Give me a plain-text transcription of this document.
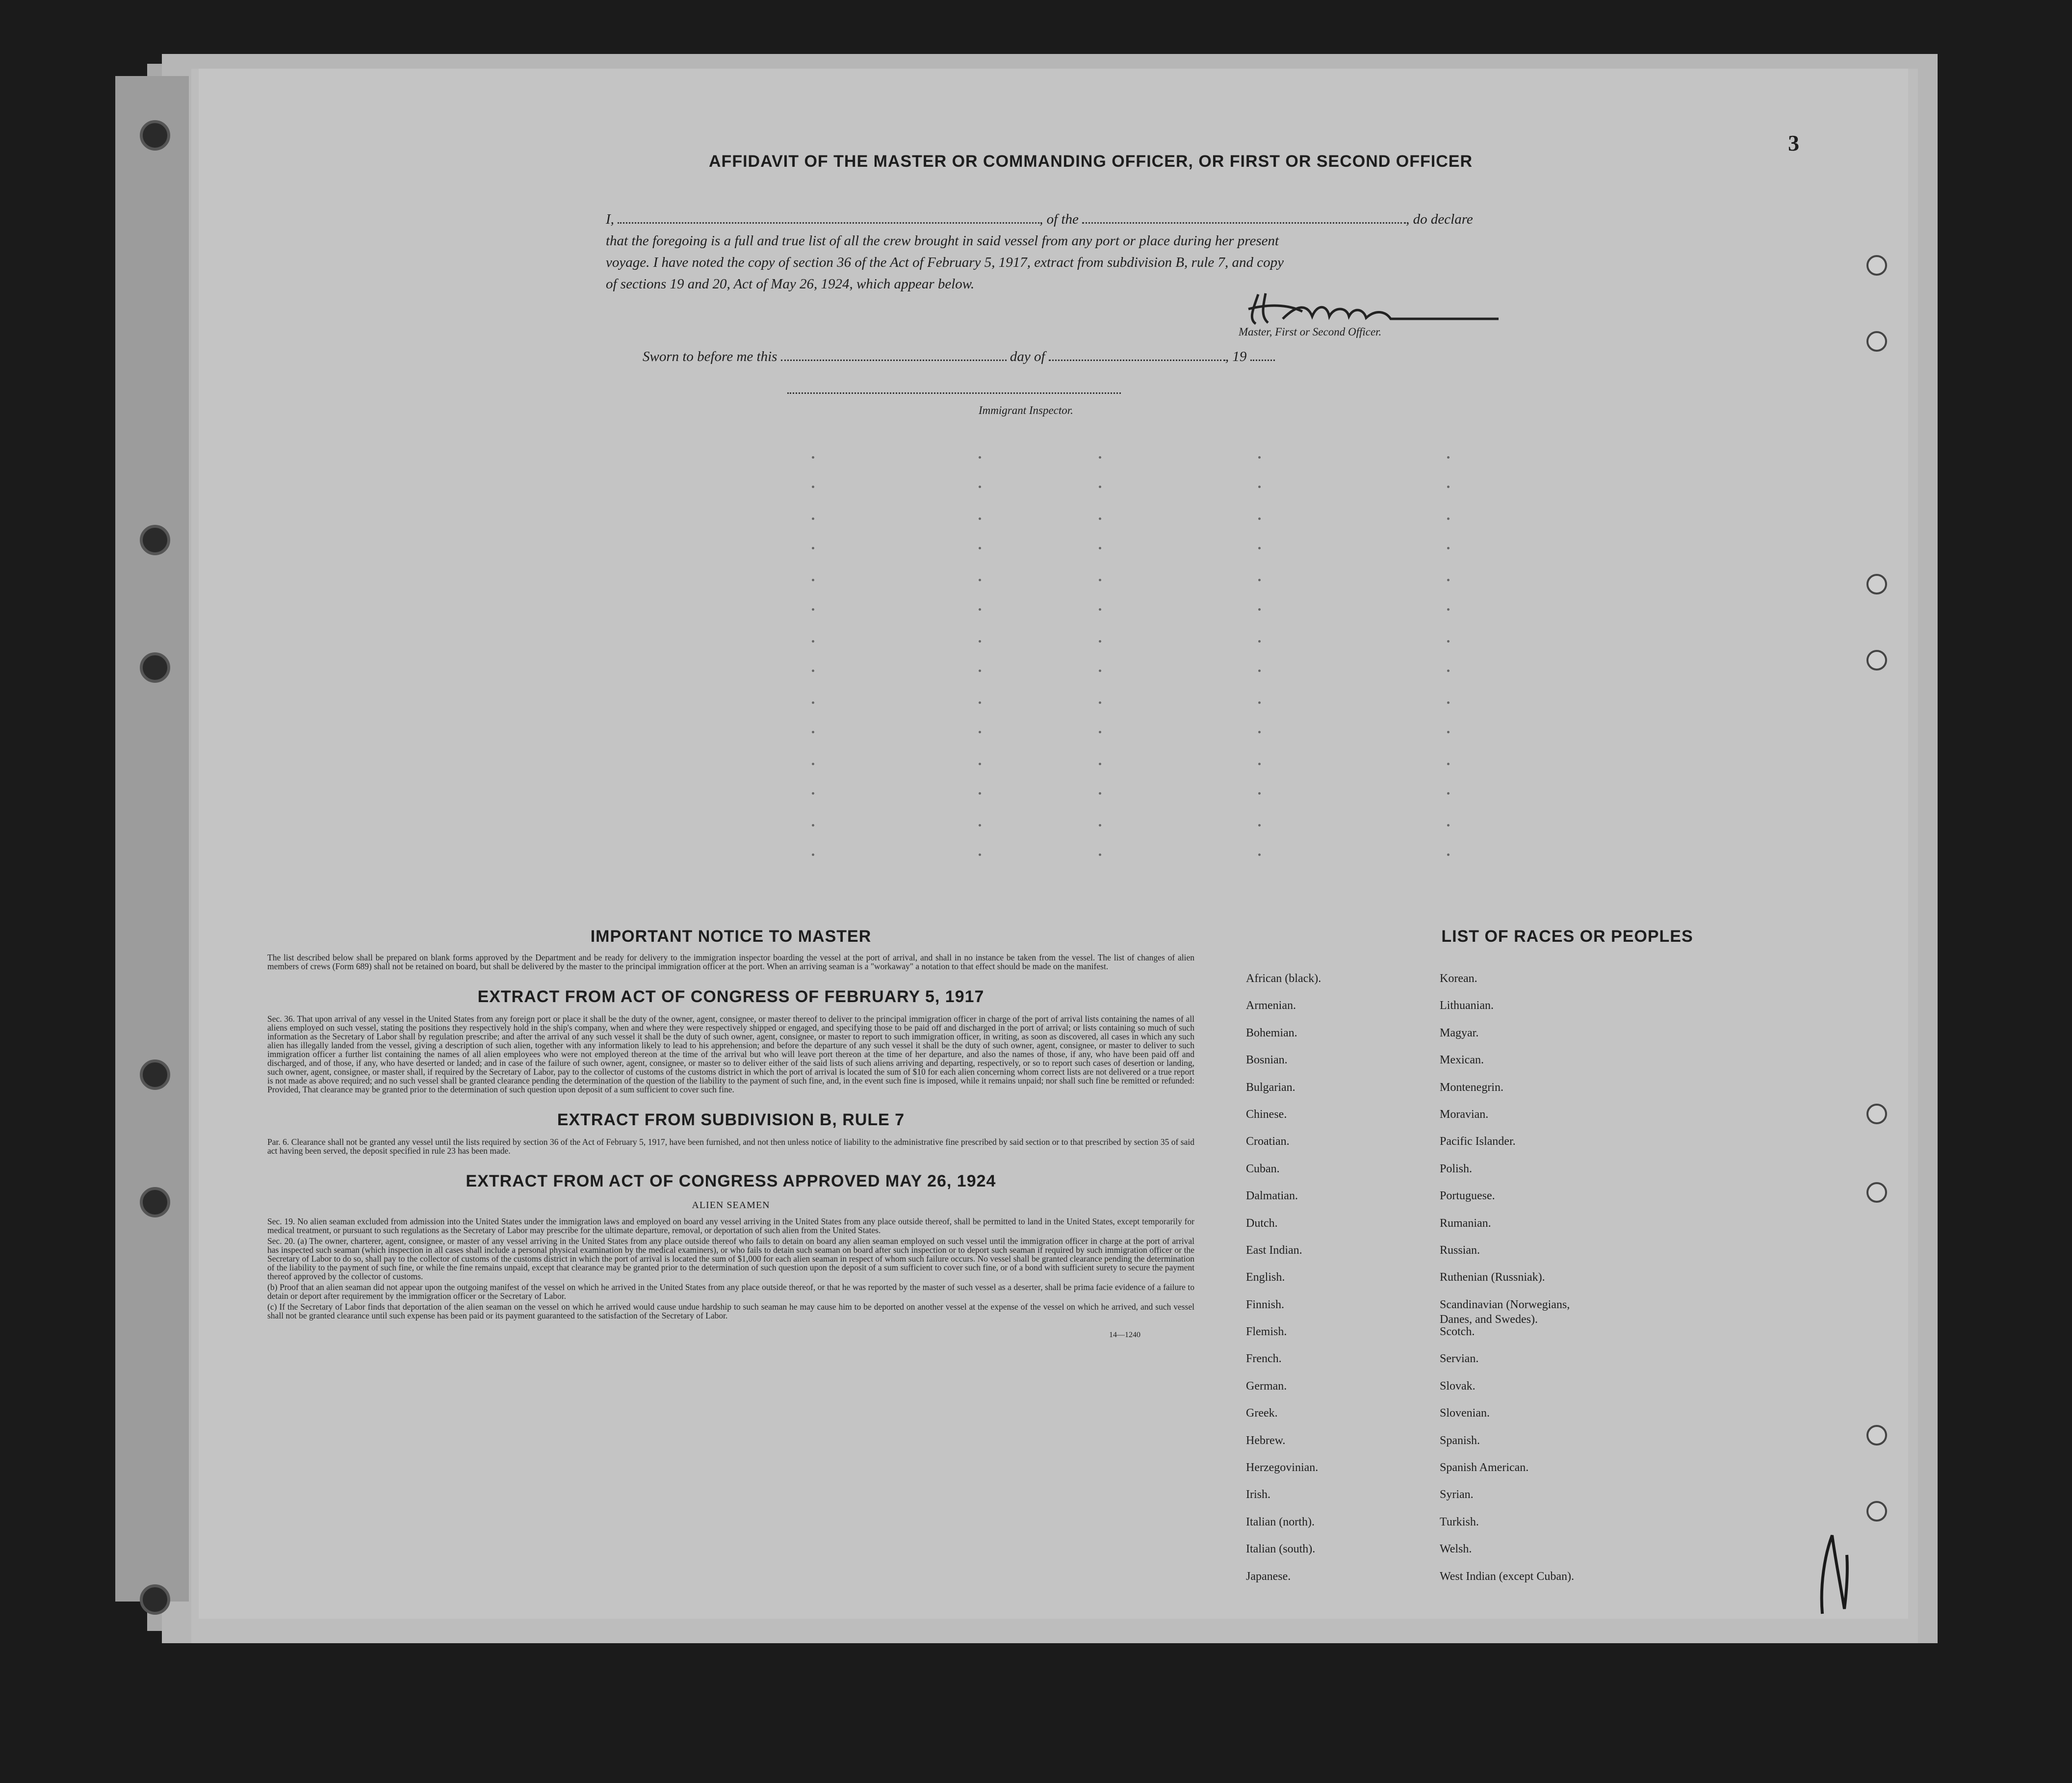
3
AFFIDAVIT OF THE MASTER OR COMMANDING OFFICER, OR FIRST OR SECOND OFFICER
I,	, of the	, do declare
that the foregoing is a full and true list of all the crew brought in said vessel from any port or place during her present
voyage. I have noted the copy of section 36 of the Act of February 5, 1917, extract from subdivision B, rule 7, and copy
of sections 19 and 20, Act of May 26, 1924, which appear below.
Master, First or Second Officer.
Sworn to before me this	day of	, 19
Immigrant Inspector.
IMPORTANT NOTICE TO MASTER

The list described below shall be prepared on blank forms approved by the Department and be ready for delivery to the immigration inspector boarding the vessel at the port of arrival, and shall in no instance be taken from the vessel. The list of changes of alien members of crews (Form 689) shall not be retained on board, but shall be delivered by the master to the principal immigration officer at the port. When an arriving seaman is a "workaway" a notation to that effect should be made on the manifest.

EXTRACT FROM ACT OF CONGRESS OF FEBRUARY 5, 1917

Sec. 36. That upon arrival of any vessel in the United States from any foreign port or place it shall be the duty of the owner, agent, consignee, or master thereof to deliver to the principal immigration officer in charge of the port of arrival lists containing the names of all aliens employed on such vessel, stating the positions they respectively hold in the ship's company, when and where they were respectively shipped or engaged, and specifying those to be paid off and discharged in the port of arrival; or lists containing so much of such information as the Secretary of Labor shall by regulation prescribe; and after the arrival of any such vessel it shall be the duty of such owner, agent, consignee, or master to report to such immigration officer, in writing, as soon as discovered, all cases in which any such alien has illegally landed from the vessel, giving a description of such alien, together with any information likely to lead to his apprehension; and before the departure of any such vessel it shall be the duty of such owner, agent, consignee, or master to deliver to such immigration officer a further list containing the names of all alien employees who were not employed thereon at the time of the arrival but who will leave port thereon at the time of her departure, and also the names of those, if any, who have been paid off and discharged, and of those, if any, who have deserted or landed; and in case of the failure of such owner, agent, consignee, or master so to deliver either of the said lists of such aliens arriving and departing, respectively, or so to report such cases of desertion or landing, such owner, agent, consignee, or master shall, if required by the Secretary of Labor, pay to the collector of customs of the customs district in which the port of arrival is located the sum of $10 for each alien concerning whom correct lists are not delivered or a true report is not made as above required; and no such vessel shall be granted clearance pending the determination of the question of the liability to the payment of such fine, and, in the event such fine is imposed, while it remains unpaid; nor shall such fine be remitted or refunded: Provided, That clearance may be granted prior to the determination of such question upon deposit of a sum sufficient to cover such fine.

EXTRACT FROM SUBDIVISION B, RULE 7

Par. 6. Clearance shall not be granted any vessel until the lists required by section 36 of the Act of February 5, 1917, have been furnished, and not then unless notice of liability to the administrative fine prescribed by said section or to that prescribed by section 35 of said act having been served, the deposit specified in rule 23 has been made.

EXTRACT FROM ACT OF CONGRESS APPROVED MAY 26, 1924
ALIEN SEAMEN

Sec. 19. No alien seaman excluded from admission into the United States under the immigration laws and employed on board any vessel arriving in the United States from any place outside thereof, shall be permitted to land in the United States, except temporarily for medical treatment, or pursuant to such regulations as the Secretary of Labor may prescribe for the ultimate departure, removal, or deportation of such alien from the United States.

Sec. 20. (a) The owner, charterer, agent, consignee, or master of any vessel arriving in the United States from any place outside thereof who fails to detain on board any alien seaman employed on such vessel until the immigration officer in charge at the port of arrival has inspected such seaman (which inspection in all cases shall include a personal physical examination by the medical examiners), or who fails to detain such seaman on board after such inspection or to deport such seaman if required by such immigration officer or the Secretary of Labor to do so, shall pay to the collector of customs of the customs district in which the port of arrival is located the sum of $1,000 for each alien seaman in respect of whom such failure occurs. No vessel shall be granted clearance pending the determination of the liability to the payment of such fine, or while the fine remains unpaid, except that clearance may be granted prior to the determination of such question upon the deposit of a sum sufficient to cover such fine, or of a bond with sufficient surety to secure the payment thereof approved by the collector of customs.

(b) Proof that an alien seaman did not appear upon the outgoing manifest of the vessel on which he arrived in the United States from any place outside thereof, or that he was reported by the master of such vessel as a deserter, shall be prima facie evidence of a failure to detain or deport after requirement by the immigration officer or the Secretary of Labor.

(c) If the Secretary of Labor finds that deportation of the alien seaman on the vessel on which he arrived would cause undue hardship to such seaman he may cause him to be deported on another vessel at the expense of the vessel on which he arrived, and such vessel shall not be granted clearance until such expense has been paid or its payment guaranteed to the satisfaction of the Secretary of Labor.

14—1240
LIST OF RACES OR PEOPLES
African (black).
Armenian.
Bohemian.
Bosnian.
Bulgarian.
Chinese.
Croatian.
Cuban.
Dalmatian.
Dutch.
East Indian.
English.
Finnish.
Flemish.
French.
German.
Greek.
Hebrew.
Herzegovinian.
Irish.
Italian (north).
Italian (south).
Japanese.
Korean.
Lithuanian.
Magyar.
Mexican.
Montenegrin.
Moravian.
Pacific Islander.
Polish.
Portuguese.
Rumanian.
Russian.
Ruthenian (Russniak).
Scandinavian (Norwegians,
Danes, and Swedes).
Scotch.
Servian.
Slovak.
Slovenian.
Spanish.
Spanish American.
Syrian.
Turkish.
Welsh.
West Indian (except Cuban).
